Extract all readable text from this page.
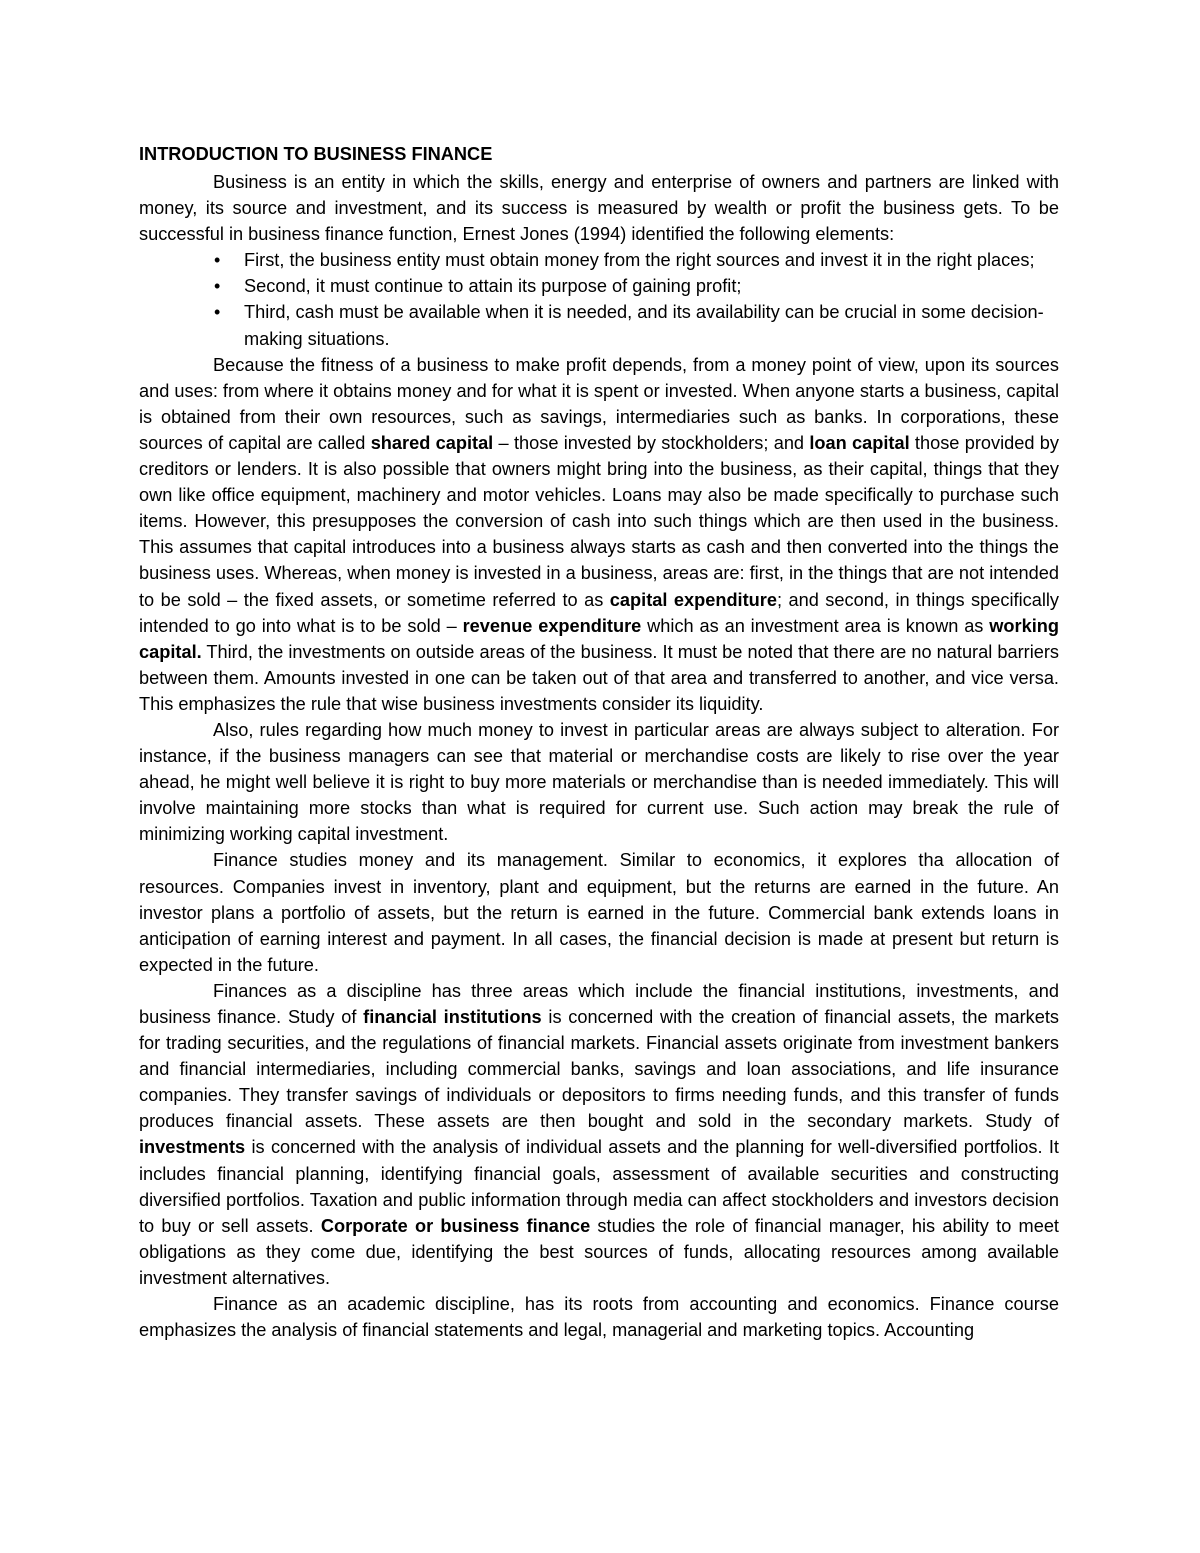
INTRODUCTION TO BUSINESS FINANCE

Business is an entity in which the skills, energy and enterprise of owners and partners are linked with money, its source and investment, and its success is measured by wealth or profit the business gets. To be successful in business finance function, Ernest Jones (1994) identified the following elements:

• First, the business entity must obtain money from the right sources and invest it in the right places;
• Second, it must continue to attain its purpose of gaining profit;
• Third, cash must be available when it is needed, and its availability can be crucial in some decision-making situations.

Because the fitness of a business to make profit depends, from a money point of view, upon its sources and uses: from where it obtains money and for what it is spent or invested. When anyone starts a business, capital is obtained from their own resources, such as savings, intermediaries such as banks. In corporations, these sources of capital are called shared capital – those invested by stockholders; and loan capital those provided by creditors or lenders. It is also possible that owners might bring into the business, as their capital, things that they own like office equipment, machinery and motor vehicles. Loans may also be made specifically to purchase such items. However, this presupposes the conversion of cash into such things which are then used in the business. This assumes that capital introduces into a business always starts as cash and then converted into the things the business uses. Whereas, when money is invested in a business, areas are: first, in the things that are not intended to be sold – the fixed assets, or sometime referred to as capital expenditure; and second, in things specifically intended to go into what is to be sold – revenue expenditure which as an investment area is known as working capital. Third, the investments on outside areas of the business. It must be noted that there are no natural barriers between them. Amounts invested in one can be taken out of that area and transferred to another, and vice versa. This emphasizes the rule that wise business investments consider its liquidity.

Also, rules regarding how much money to invest in particular areas are always subject to alteration. For instance, if the business managers can see that material or merchandise costs are likely to rise over the year ahead, he might well believe it is right to buy more materials or merchandise than is needed immediately. This will involve maintaining more stocks than what is required for current use. Such action may break the rule of minimizing working capital investment.

Finance studies money and its management. Similar to economics, it explores tha allocation of resources. Companies invest in inventory, plant and equipment, but the returns are earned in the future. An investor plans a portfolio of assets, but the return is earned in the future. Commercial bank extends loans in anticipation of earning interest and payment. In all cases, the financial decision is made at present but return is expected in the future.

Finances as a discipline has three areas which include the financial institutions, investments, and business finance. Study of financial institutions is concerned with the creation of financial assets, the markets for trading securities, and the regulations of financial markets. Financial assets originate from investment bankers and financial intermediaries, including commercial banks, savings and loan associations, and life insurance companies. They transfer savings of individuals or depositors to firms needing funds, and this transfer of funds produces financial assets. These assets are then bought and sold in the secondary markets. Study of investments is concerned with the analysis of individual assets and the planning for well-diversified portfolios. It includes financial planning, identifying financial goals, assessment of available securities and constructing diversified portfolios. Taxation and public information through media can affect stockholders and investors decision to buy or sell assets. Corporate or business finance studies the role of financial manager, his ability to meet obligations as they come due, identifying the best sources of funds, allocating resources among available investment alternatives.

Finance as an academic discipline, has its roots from accounting and economics. Finance course emphasizes the analysis of financial statements and legal, managerial and marketing topics. Accounting
